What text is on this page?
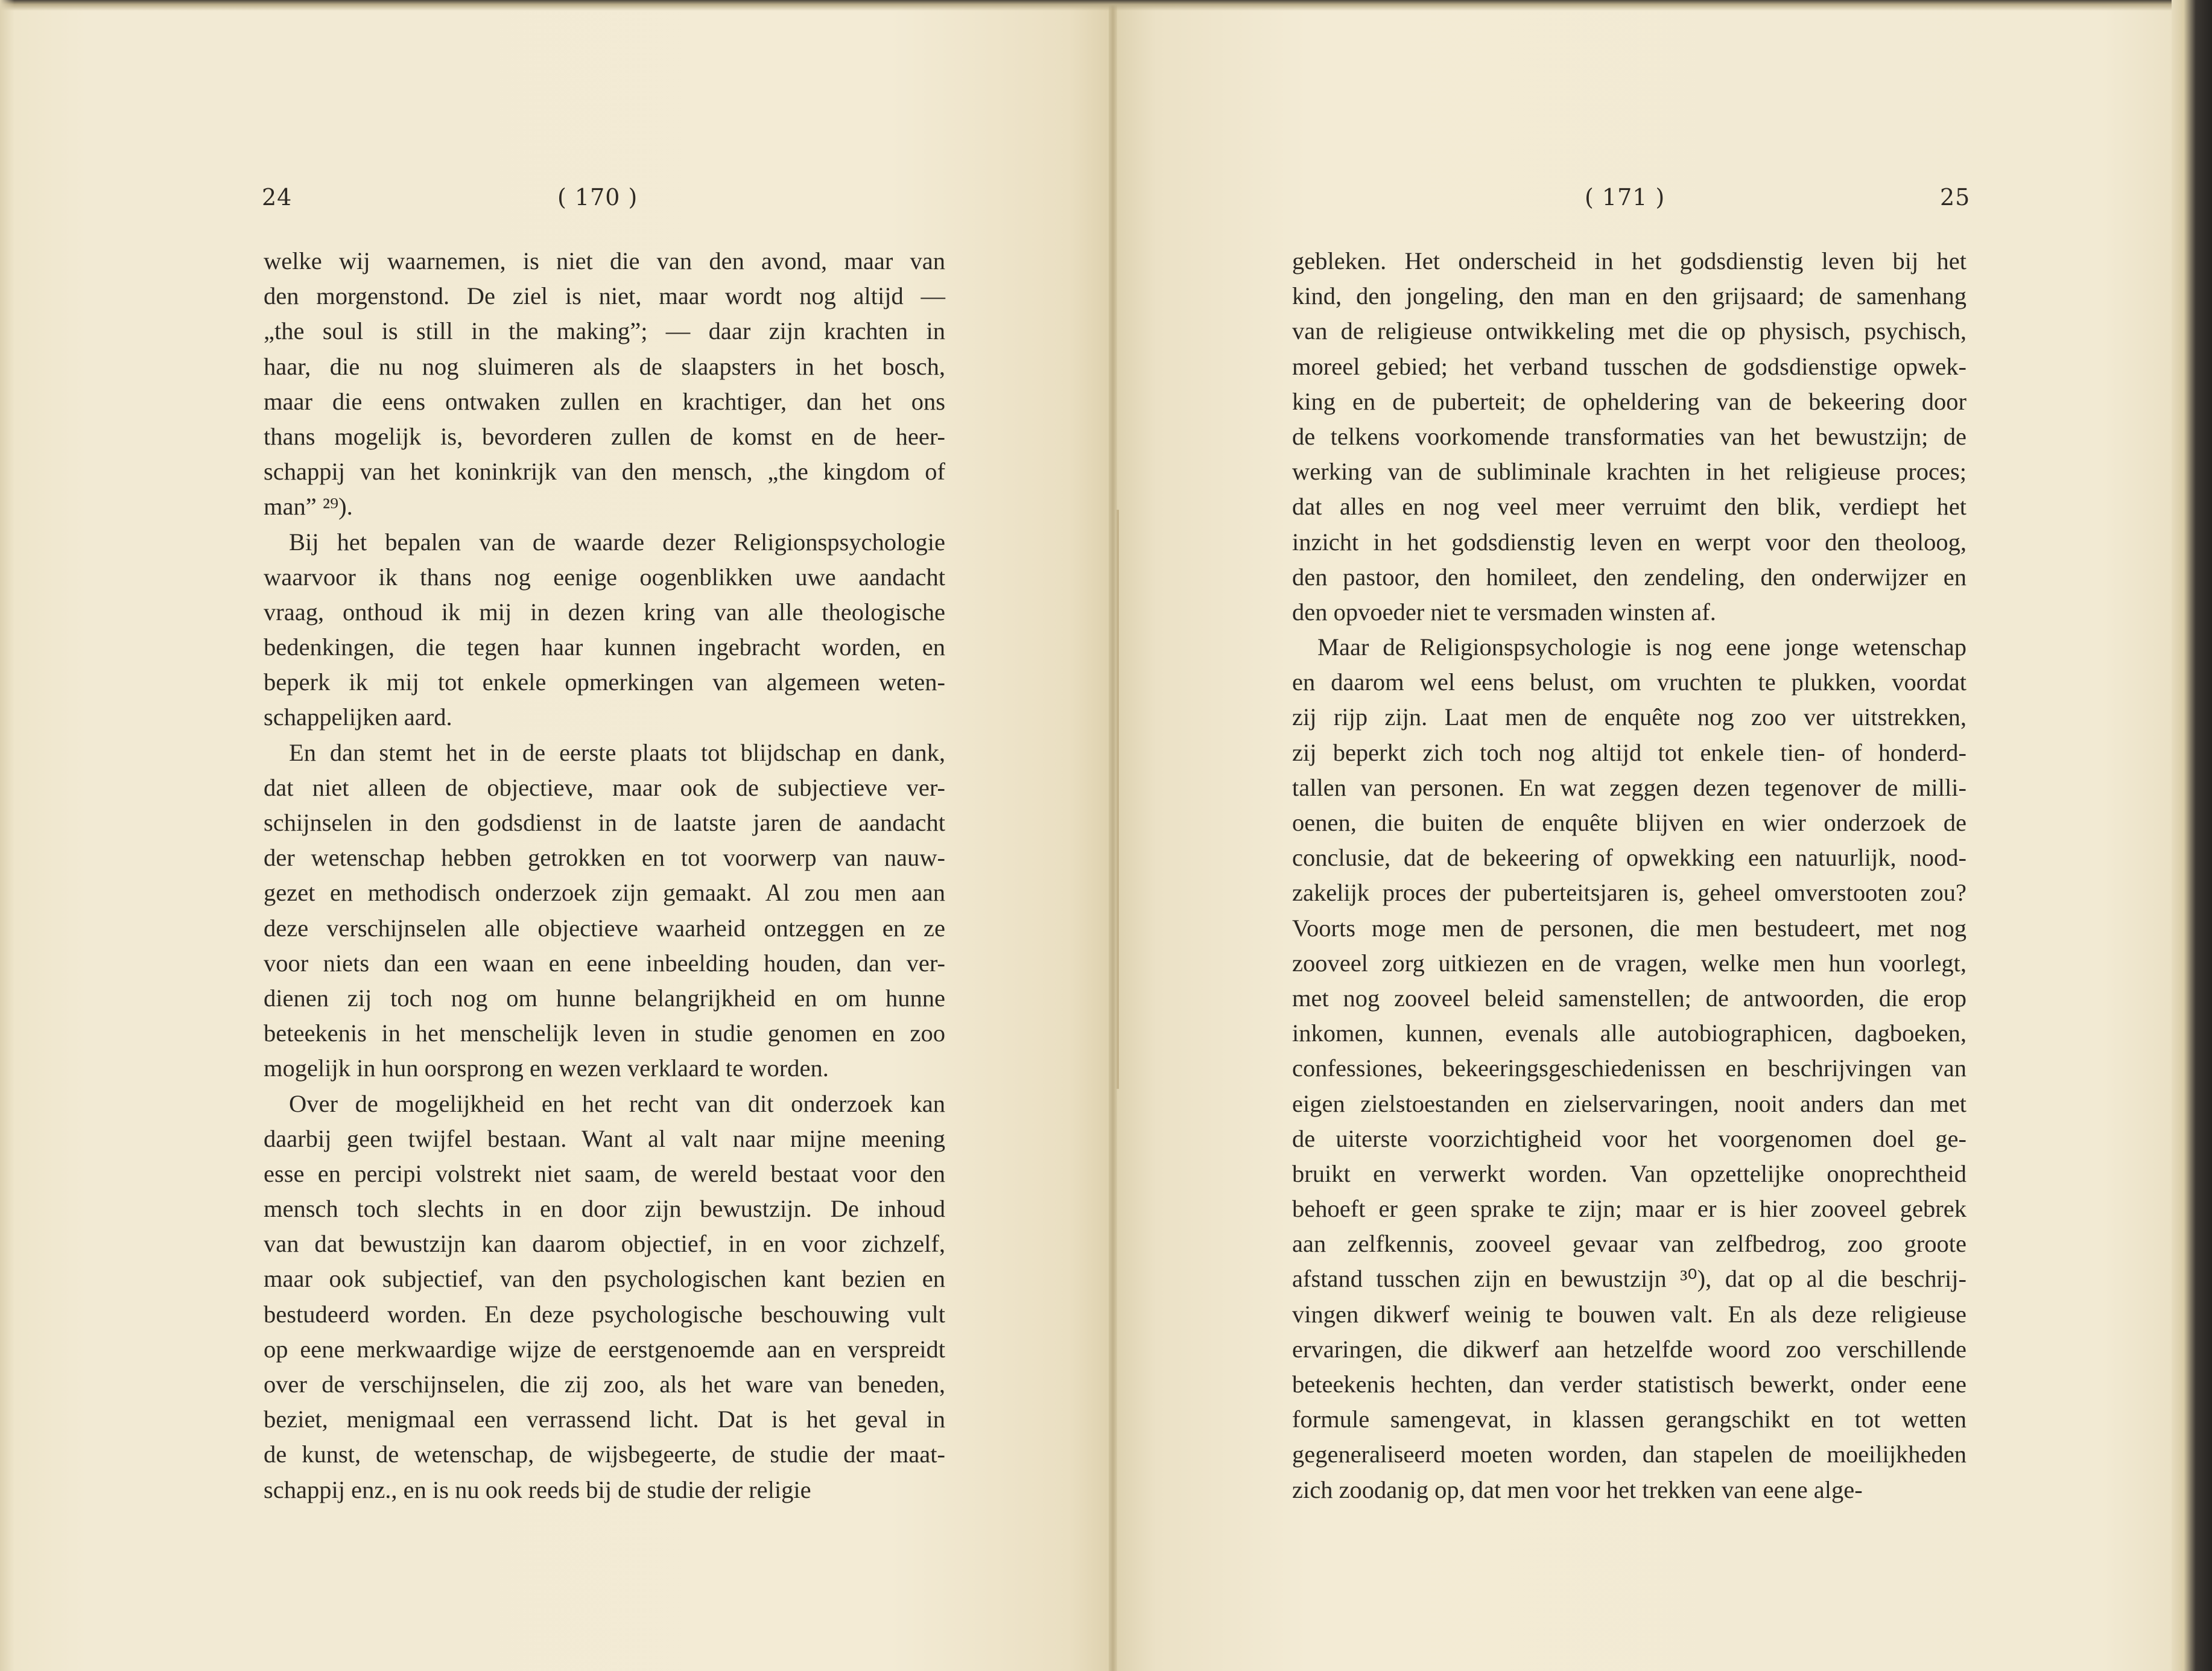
24	( 170 )	( 171 )	25
welke wij waarnemen, is niet die van den avond, maar van
den morgenstond. De ziel is niet, maar wordt nog altijd —
„the soul is still in the making”; — daar zijn krachten in
haar, die nu nog sluimeren als de slaapsters in het bosch,
maar die eens ontwaken zullen en krachtiger, dan het ons
thans mogelijk is, bevorderen zullen de komst en de heer-
schappij van het koninkrijk van den mensch, „the kingdom of
man” ²⁹).
Bij het bepalen van de waarde dezer Religionspsychologie
waarvoor ik thans nog eenige oogenblikken uwe aandacht
vraag, onthoud ik mij in dezen kring van alle theologische
bedenkingen, die tegen haar kunnen ingebracht worden, en
beperk ik mij tot enkele opmerkingen van algemeen weten-
schappelijken aard.
En dan stemt het in de eerste plaats tot blijdschap en dank,
dat niet alleen de objectieve, maar ook de subjectieve ver-
schijnselen in den godsdienst in de laatste jaren de aandacht
der wetenschap hebben getrokken en tot voorwerp van nauw-
gezet en methodisch onderzoek zijn gemaakt. Al zou men aan
deze verschijnselen alle objectieve waarheid ontzeggen en ze
voor niets dan een waan en eene inbeelding houden, dan ver-
dienen zij toch nog om hunne belangrijkheid en om hunne
beteekenis in het menschelijk leven in studie genomen en zoo
mogelijk in hun oorsprong en wezen verklaard te worden.
Over de mogelijkheid en het recht van dit onderzoek kan
daarbij geen twijfel bestaan. Want al valt naar mijne meening
esse en percipi volstrekt niet saam, de wereld bestaat voor den
mensch toch slechts in en door zijn bewustzijn. De inhoud
van dat bewustzijn kan daarom objectief, in en voor zichzelf,
maar ook subjectief, van den psychologischen kant bezien en
bestudeerd worden. En deze psychologische beschouwing vult
op eene merkwaardige wijze de eerstgenoemde aan en verspreidt
over de verschijnselen, die zij zoo, als het ware van beneden,
beziet, menigmaal een verrassend licht. Dat is het geval in
de kunst, de wetenschap, de wijsbegeerte, de studie der maat-
schappij enz., en is nu ook reeds bij de studie der religie
gebleken. Het onderscheid in het godsdienstig leven bij het
kind, den jongeling, den man en den grijsaard; de samenhang
van de religieuse ontwikkeling met die op physisch, psychisch,
moreel gebied; het verband tusschen de godsdienstige opwek-
king en de puberteit; de opheldering van de bekeering door
de telkens voorkomende transformaties van het bewustzijn; de
werking van de subliminale krachten in het religieuse proces;
dat alles en nog veel meer verruimt den blik, verdiept het
inzicht in het godsdienstig leven en werpt voor den theoloog,
den pastoor, den homileet, den zendeling, den onderwijzer en
den opvoeder niet te versmaden winsten af.
Maar de Religionspsychologie is nog eene jonge wetenschap
en daarom wel eens belust, om vruchten te plukken, voordat
zij rijp zijn. Laat men de enquête nog zoo ver uitstrekken,
zij beperkt zich toch nog altijd tot enkele tien- of honderd-
tallen van personen. En wat zeggen dezen tegenover de milli-
oenen, die buiten de enquête blijven en wier onderzoek de
conclusie, dat de bekeering of opwekking een natuurlijk, nood-
zakelijk proces der puberteitsjaren is, geheel omverstooten zou?
Voorts moge men de personen, die men bestudeert, met nog
zooveel zorg uitkiezen en de vragen, welke men hun voorlegt,
met nog zooveel beleid samenstellen; de antwoorden, die erop
inkomen, kunnen, evenals alle autobiographicen, dagboeken,
confessiones, bekeeringsgeschiedenissen en beschrijvingen van
eigen zielstoestanden en zielservaringen, nooit anders dan met
de uiterste voorzichtigheid voor het voorgenomen doel ge-
bruikt en verwerkt worden. Van opzettelijke onoprechtheid
behoeft er geen sprake te zijn; maar er is hier zooveel gebrek
aan zelfkennis, zooveel gevaar van zelfbedrog, zoo groote
afstand tusschen zijn en bewustzijn ³⁰), dat op al die beschrij-
vingen dikwerf weinig te bouwen valt. En als deze religieuse
ervaringen, die dikwerf aan hetzelfde woord zoo verschillende
beteekenis hechten, dan verder statistisch bewerkt, onder eene
formule samengevat, in klassen gerangschikt en tot wetten
gegeneraliseerd moeten worden, dan stapelen de moeilijkheden
zich zoodanig op, dat men voor het trekken van eene alge-
